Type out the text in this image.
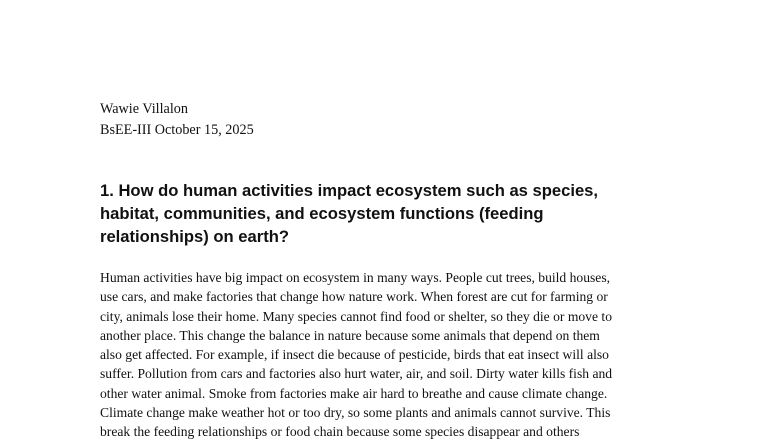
Wawie Villalon
BsEE-III October 15, 2025
1. How do human activities impact ecosystem such as species,
habitat, communities, and ecosystem functions (feeding
relationships) on earth?

Human activities have big impact on ecosystem in many ways. People cut trees, build houses,
use cars, and make factories that change how nature work. When forest are cut for farming or
city, animals lose their home. Many species cannot find food or shelter, so they die or move to
another place. This change the balance in nature because some animals that depend on them
also get affected. For example, if insect die because of pesticide, birds that eat insect will also
suffer. Pollution from cars and factories also hurt water, air, and soil. Dirty water kills fish and
other water animal. Smoke from factories make air hard to breathe and cause climate change.
Climate change make weather hot or too dry, so some plants and animals cannot survive. This
break the feeding relationships or food chain because some species disappear and others
